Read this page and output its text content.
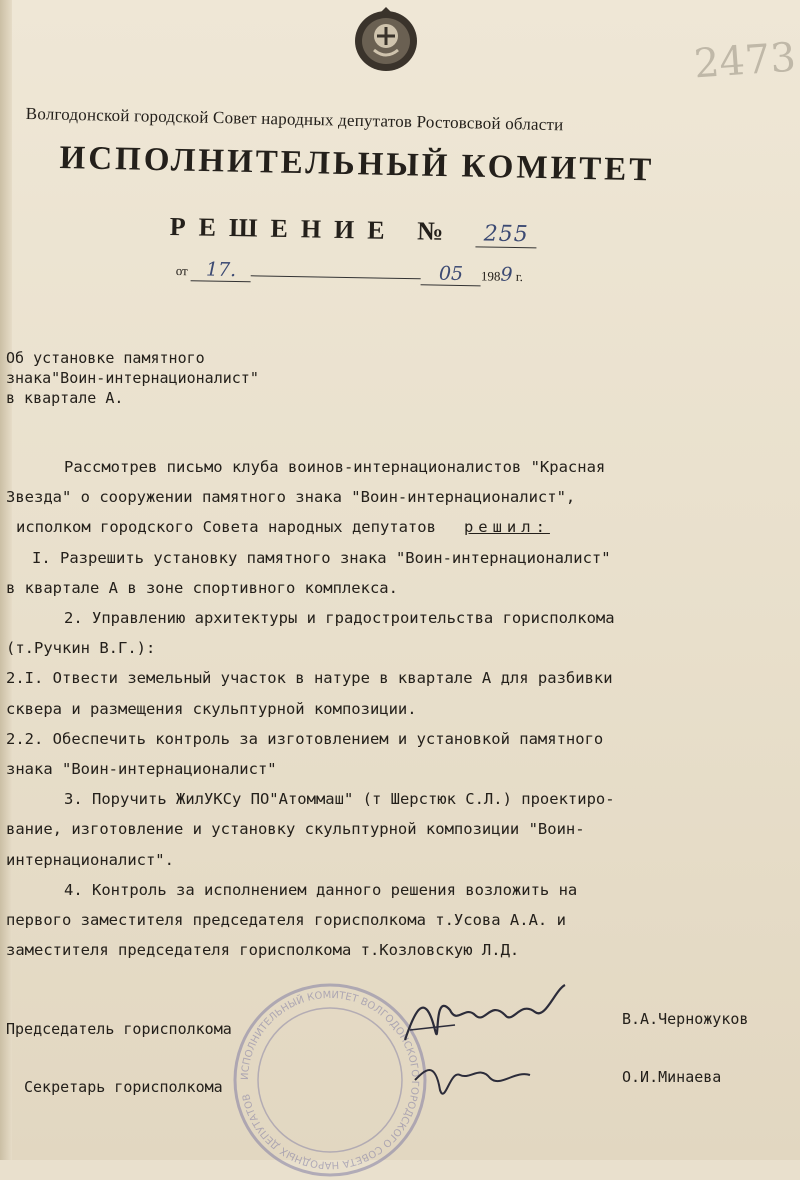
2473
Волгодонской городской Совет народных депутатов Ростовсвой области
ИСПОЛНИТЕЛЬНЫЙ КОМИТЕТ
РЕШЕНИЕ № 255
от 17.	05 1989 г.
Об установке памятного
знака"Воин-интернационалист"
в квартале А.
Рассмотрев письмо клуба воинов-интернационалистов "Красная
Звезда" о сооружении памятного знака "Воин-интернационалист",
исполком городского Совета народных депутатов решил:
I. Разрешить установку памятного знака "Воин-интернационалист"
в квартале А в зоне спортивного комплекса.
2. Управлению архитектуры и градостроительства горисполкома
(т.Ручкин В.Г.):
2.I. Отвести земельный участок в натуре в квартале А для разбивки
сквера и размещения скульптурной композиции.
2.2. Обеспечить контроль за изготовлением и установкой памятного
знака "Воин-интернационалист"
3. Поручить ЖилУКСу ПО"Атоммаш" (т Шерстюк С.Л.) проектиро-
вание, изготовление и установку скульптурной композиции "Воин-
интернационалист".
4. Контроль за исполнением данного решения возложить на
первого заместителя председателя горисполкома т.Усова А.А. и
заместителя председателя горисполкома т.Козловскую Л.Д.
ИСПОЛНИТЕЛЬНЫЙ КОМИТЕТ ВОЛГОДОНСКОГО ГОРОДСКОГО СОВЕТА НАРОДНЫХ ДЕПУТАТОВ
Председатель горисполкома
В.А.Черножуков
Секретарь горисполкома
О.И.Минаева
